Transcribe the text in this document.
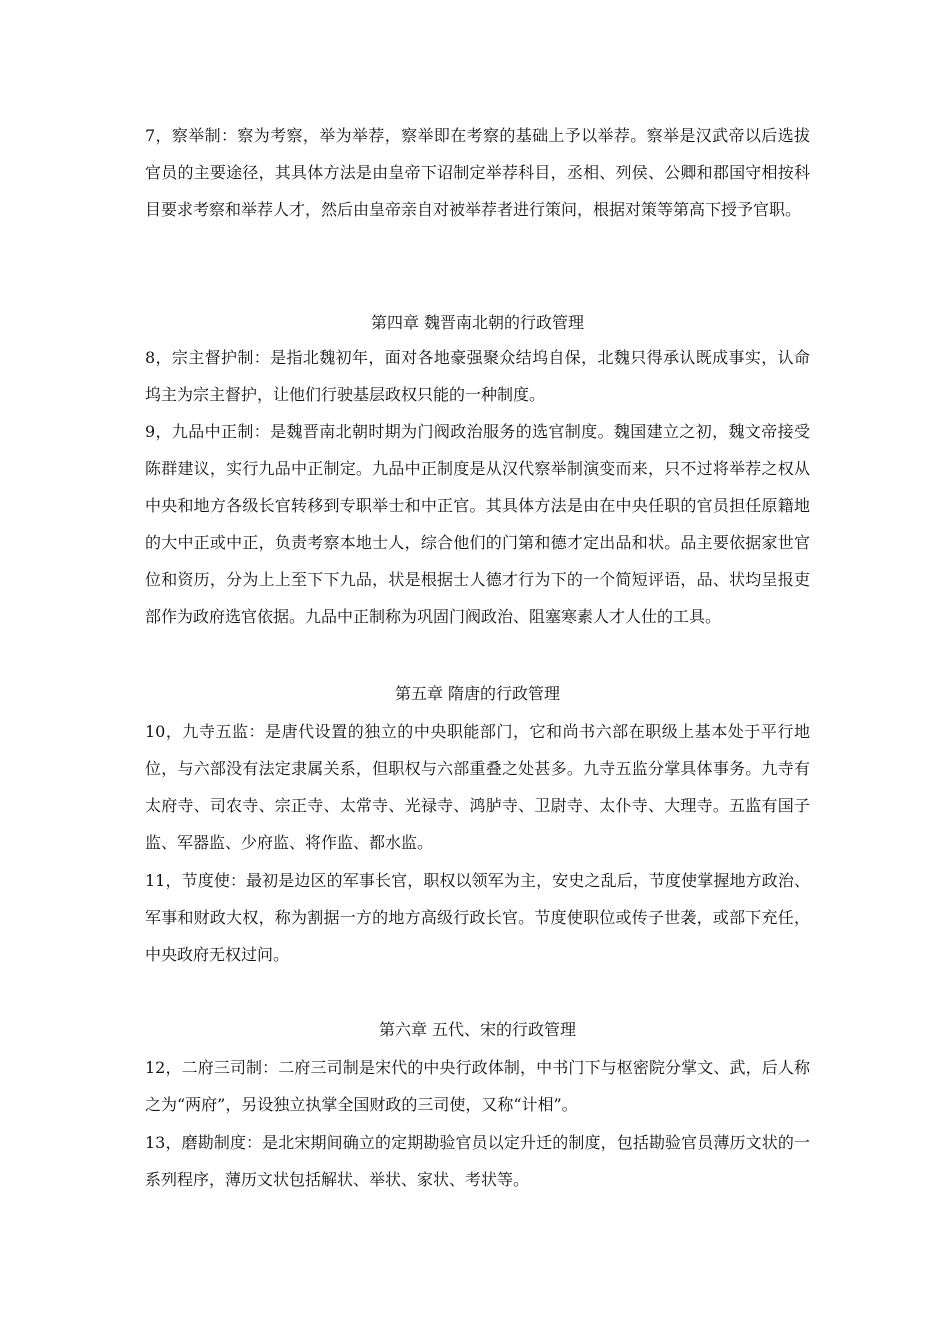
7，察举制：察为考察，举为举荐，察举即在考察的基础上予以举荐。察举是汉武帝以后选拔官员的主要途径，其具体方法是由皇帝下诏制定举荐科目，丞相、列侯、公卿和郡国守相按科目要求考察和举荐人才，然后由皇帝亲自对被举荐者进行策问，根据对策等第高下授予官职。

第四章 魏晋南北朝的行政管理

8，宗主督护制：是指北魏初年，面对各地豪强聚众结坞自保，北魏只得承认既成事实，认命坞主为宗主督护，让他们行驶基层政权只能的一种制度。

9，九品中正制：是魏晋南北朝时期为门阀政治服务的选官制度。魏国建立之初，魏文帝接受陈群建议，实行九品中正制定。九品中正制度是从汉代察举制演变而来，只不过将举荐之权从中央和地方各级长官转移到专职举士和中正官。其具体方法是由在中央任职的官员担任原籍地的大中正或中正，负责考察本地士人，综合他们的门第和德才定出品和状。品主要依据家世官位和资历，分为上上至下下九品，状是根据士人德才行为下的一个简短评语，品、状均呈报吏部作为政府选官依据。九品中正制称为巩固门阀政治、阻塞寒素人才人仕的工具。

第五章 隋唐的行政管理

10，九寺五监：是唐代设置的独立的中央职能部门，它和尚书六部在职级上基本处于平行地位，与六部没有法定隶属关系，但职权与六部重叠之处甚多。九寺五监分掌具体事务。九寺有太府寺、司农寺、宗正寺、太常寺、光禄寺、鸿胪寺、卫尉寺、太仆寺、大理寺。五监有国子监、军器监、少府监、将作监、都水监。

11，节度使：最初是边区的军事长官，职权以领军为主，安史之乱后，节度使掌握地方政治、军事和财政大权，称为割据一方的地方高级行政长官。节度使职位或传子世袭，或部下充任，中央政府无权过问。

第六章 五代、宋的行政管理

12，二府三司制：二府三司制是宋代的中央行政体制，中书门下与枢密院分掌文、武，后人称之为“两府”，另设独立执掌全国财政的三司使，又称“计相”。

13，磨勘制度：是北宋期间确立的定期勘验官员以定升迁的制度，包括勘验官员薄历文状的一系列程序，薄历文状包括解状、举状、家状、考状等。
